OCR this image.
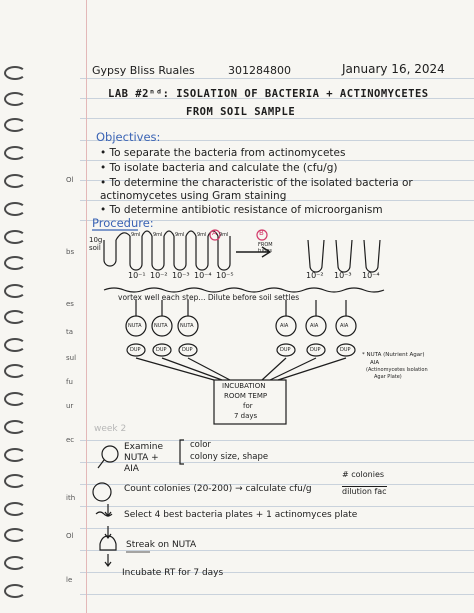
Ol
bs
es
ta
sul
fu
ur
ec
ith
Ol
le
Gypsy Bliss Ruales	301284800	January 16, 2024
LAB #2ⁿᵈ: ISOLATION OF BACTERIA + ACTINOMYCETES
FROM SOIL SAMPLE
Objectives:
• To separate the bacteria from actinomycetes
• To isolate bacteria and calculate the (cfu/g)
• To determine the characteristic of the isolated bacteria or
actinomycetes using Gram staining
• To determine antibiotic resistance of microorganism
Procedure:
10g soil
9ml	9ml	9ml	9ml	9ml
A	B
FROM tubes
10⁻¹ 10⁻² 10⁻³ 10⁻⁴ 10⁻⁵	10⁻² 10⁻³ 10⁻⁴
vortex well each step... Dilute before soil settles
NUTA	NUTA	NUTA	AIA	AIA	AIA
DUP	DUP	DUP	DUP	DUP	DUP
* NUTA (Nutrient Agar)
AIA
(Actinomycetes Isolation
Agar Plate)
INCUBATION
ROOM TEMP
for
7 days
week 2
Examine NUTA + AIA
color
colony size, shape
Count colonies (20-200) → calculate cfu/g
# colonies
dilution fac
Select 4 best bacteria plates + 1 actinomyces plate
Streak on NUTA
Incubate RT for 7 days
